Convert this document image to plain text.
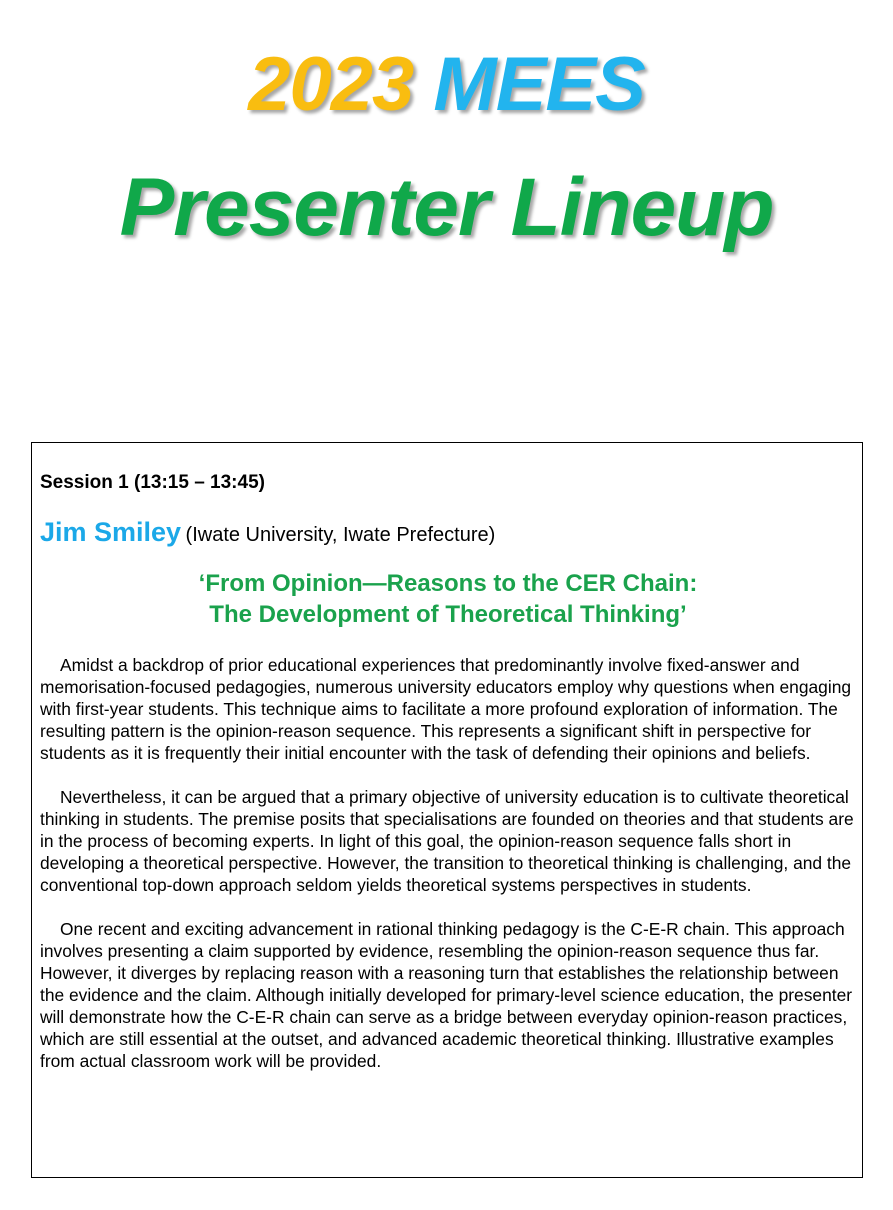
2023 MEES
Presenter Lineup
Session 1 (13:15 – 13:45)
Jim Smiley (Iwate University, Iwate Prefecture)
‘From Opinion—Reasons to the CER Chain:
The Development of Theoretical Thinking’

Amidst a backdrop of prior educational experiences that predominantly involve fixed-answer and memorisation-focused pedagogies, numerous university educators employ why questions when engaging with first-year students. This technique aims to facilitate a more profound exploration of information. The resulting pattern is the opinion-reason sequence. This represents a significant shift in perspective for students as it is frequently their initial encounter with the task of defending their opinions and beliefs.

Nevertheless, it can be argued that a primary objective of university education is to cultivate theoretical thinking in students. The premise posits that specialisations are founded on theories and that students are in the process of becoming experts. In light of this goal, the opinion-reason sequence falls short in developing a theoretical perspective. However, the transition to theoretical thinking is challenging, and the conventional top-down approach seldom yields theoretical systems perspectives in students.

One recent and exciting advancement in rational thinking pedagogy is the C-E-R chain. This approach involves presenting a claim supported by evidence, resembling the opinion-reason sequence thus far. However, it diverges by replacing reason with a reasoning turn that establishes the relationship between the evidence and the claim. Although initially developed for primary-level science education, the presenter will demonstrate how the C-E-R chain can serve as a bridge between everyday opinion-reason practices, which are still essential at the outset, and advanced academic theoretical thinking. Illustrative examples from actual classroom work will be provided.
